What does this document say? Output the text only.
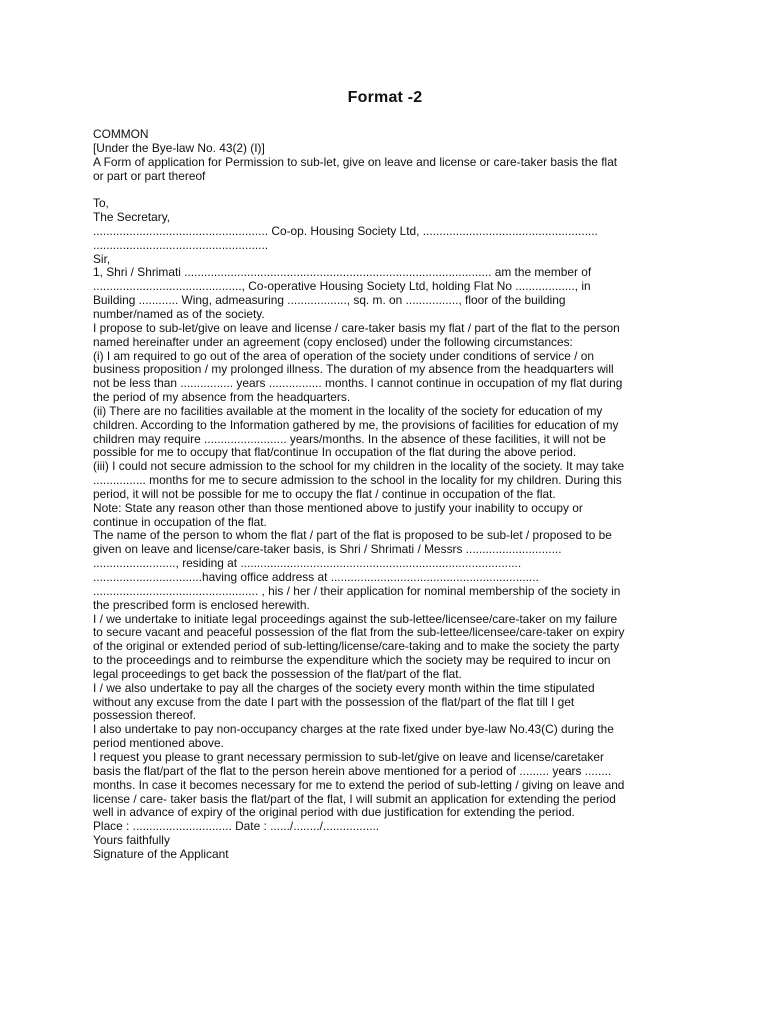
Format -2
COMMON
[Under the Bye-law No. 43(2) (I)]
A Form of application for Permission to sub-let, give on leave and license or care-taker basis the flat
or part or part thereof
To,
The Secretary,
..................................................... Co-op. Housing Society Ltd, .....................................................
.....................................................
Sir,
1, Shri / Shrimati ............................................................................................. am the member of
............................................., Co-operative Housing Society Ltd, holding Flat No .................., in
Building ............ Wing, admeasuring .................., sq. m. on ................, floor of the building
number/named as of the society.
I propose to sub-let/give on leave and license / care-taker basis my flat / part of the flat to the person
named hereinafter under an agreement (copy enclosed) under the following circumstances:
(i) I am required to go out of the area of operation of the society under conditions of service / on
business proposition / my prolonged illness. The duration of my absence from the headquarters will
not be less than ................ years ................ months. I cannot continue in occupation of my flat during
the period of my absence from the headquarters.
(ii) There are no facilities available at the moment in the locality of the society for education of my
children. According to the Information gathered by me, the provisions of facilities for education of my
children may require ......................... years/months. In the absence of these facilities, it will not be
possible for me to occupy that flat/continue In occupation of the flat during the above period.
(iii) I could not secure admission to the school for my children in the locality of the society. It may take
................ months for me to secure admission to the school in the locality for my children. During this
period, it will not be possible for me to occupy the flat / continue in occupation of the flat.
Note: State any reason other than those mentioned above to justify your inability to occupy or
continue in occupation of the flat.
The name of the person to whom the flat / part of the flat is proposed to be sub-let / proposed to be
given on leave and license/care-taker basis, is Shri / Shrimati / Messrs .............................
........................., residing at .....................................................................................
.................................having office address at ...............................................................
.................................................. , his / her / their application for nominal membership of the society in
the prescribed form is enclosed herewith.
I / we undertake to initiate legal proceedings against the sub-lettee/licensee/care-taker on my failure
to secure vacant and peaceful possession of the flat from the sub-lettee/licensee/care-taker on expiry
of the original or extended period of sub-letting/license/care-taking and to make the society the party
to the proceedings and to reimburse the expenditure which the society may be required to incur on
legal proceedings to get back the possession of the flat/part of the flat.
I / we also undertake to pay all the charges of the society every month within the time stipulated
without any excuse from the date I part with the possession of the flat/part of the flat till I get
possession thereof.
I also undertake to pay non-occupancy charges at the rate fixed under bye-law No.43(C) during the
period mentioned above.
I request you please to grant necessary permission to sub-let/give on leave and license/caretaker
basis the flat/part of the flat to the person herein above mentioned for a period of ......... years ........
months. In case it becomes necessary for me to extend the period of sub-letting / giving on leave and
license / care- taker basis the flat/part of the flat, I will submit an application for extending the period
well in advance of expiry of the original period with due justification for extending the period.
Place : .............................. Date : ....../......../.................
Yours faithfully
Signature of the Applicant
